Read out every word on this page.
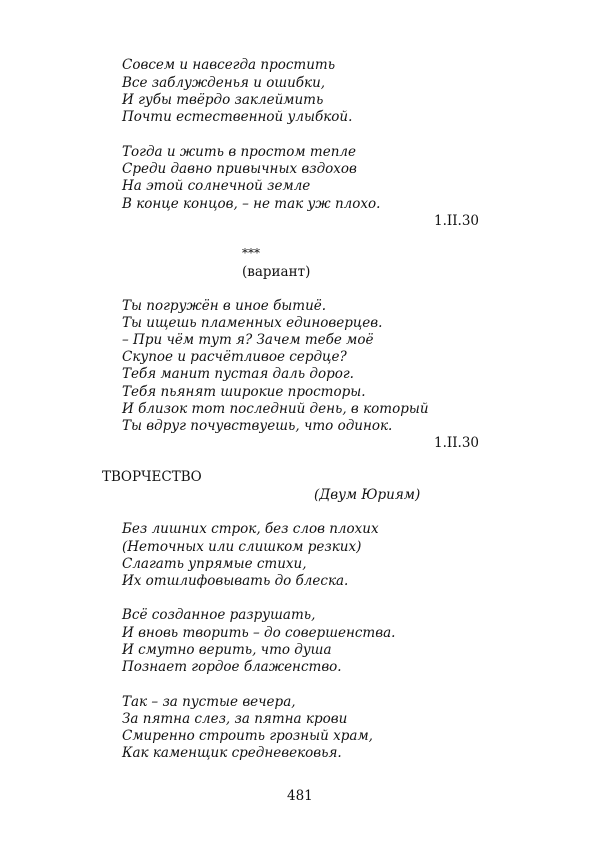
Совсем и навсегда простить
Все заблужденья и ошибки,
И губы твёрдо заклеймить
Почти естественной улыбкой.
Тогда и жить в простом тепле
Среди давно привычных вздохов
На этой солнечной земле
В конце концов, – не так уж плохо.
1.II.30
***
(вариант)
Ты погружён в иное бытиё.
Ты ищешь пламенных единоверцев.
– При чём тут я? Зачем тебе моё
Скупое и расчётливое сердце?
Тебя манит пустая даль дорог.
Тебя пьянят широкие просторы.
И близок тот последний день, в который
Ты вдруг почувствуешь, что одинок.
1.II.30
ТВОРЧЕСТВО
(Двум Юриям)
Без лишних строк, без слов плохих
(Неточных или слишком резких)
Слагать упрямые стихи,
Их отшлифовывать до блеска.
Всё созданное разрушать,
И вновь творить – до совершенства.
И смутно верить, что душа
Познает гордое блаженство.
Так – за пустые вечера,
За пятна слез, за пятна крови
Смиренно строить грозный храм,
Как каменщик средневековья.
481
